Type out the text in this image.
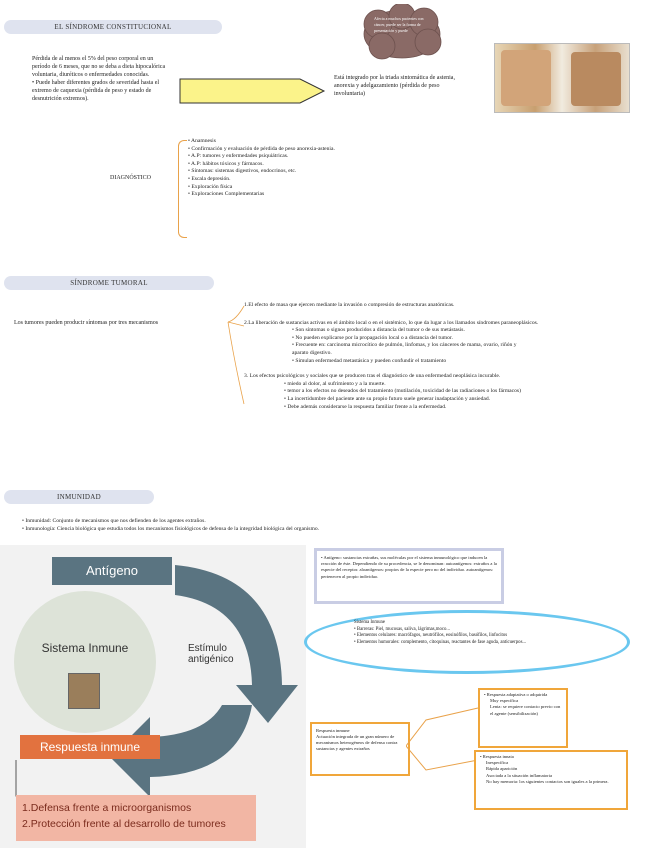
EL SÍNDROME CONSTITUCIONAL
Pérdida de al menos el 5% del peso corporal en un período de 6 meses, que no se deba a dieta hipocalórica voluntaria, diuréticos o enfermedades conocidas.
• Puede haber diferentes grados de severidad hasta el extremo de caquexia (pérdida de peso y estado de desnutrición extremos).
Está integrado por la triada sintomática de astenia, anorexia y adelgazamiento (pérdida de peso involuntaria)
Afecta a muchos pacientes con cáncer, puede ser la forma de presentación y puede
DIAGNÓSTICO
• Anamnesis
• Confirmación y evaluación de pérdida de peso anorexia-astenia.
• A.P: tumores y enfermedades psiquiátricas.
• A.P: hábitos tóxicos y fármacos.
• Síntomas: sistemas digestivos, endocrinos, etc.
• Escala depresión.
• Exploración física
• Exploraciones Complementarias
SÍNDROME TUMORAL
Los tumores pueden producir síntomas por tres mecanismos
1.El efecto de masa que ejercen mediante la invasión o compresión de estructuras anatómicas.
2.La liberación de sustancias activas en el ámbito local o en el sistémico, lo que da lugar a los llamados síndromes paraneoplásicos.
• Son síntomas o signos producidos a distancia del tumor o de sus metástasis.
• No pueden explicarse por la propagación local o a distancia del tumor.
• Frecuente en: carcinoma microcítico de pulmón, linfomas, y los cánceres de mama, ovario, riñón y aparato digestivo.
• Simulan enfermedad metastásica y pueden confundir el tratamiento
3. Los efectos psicológicos y sociales que se producen tras el diagnóstico de una enfermedad neoplásica incurable.
• miedo al dolor, al sufrimiento y a la muerte.
• temor a los efectos no deseados del tratamiento (mutilación, toxicidad de las radiaciones o los fármacos)
• La incertidumbre del paciente ante su propio futuro suele generar inadaptación y ansiedad.
• Debe además considerarse la respuesta familiar frente a la enfermedad.
INMUNIDAD
• Inmunidad: Conjunto de mecanismos que nos defienden de los agentes extraños.
• Inmunología: Ciencia biológica que estudia todos los mecanismos fisiológicos de defensa de la integridad biológica del organismo.
Antígeno
Sistema Inmune	Estímulo antigénico
Respuesta inmune
1.Defensa frente a microorganismos
2.Protección frente al desarrollo de tumores
• Antígeno: sustancias extrañas, sus moléculas por el sistema inmunológico que inducen la reacción de éste. Dependiendo de su procedencia, se le denominan: autoantígenos: extraños a la especie del receptor. aloantígenos: propios de la especie pero no del individuo. autoantígenos: pertenecen al propio individuo.
Sistema Inmune
• Barreras: Piel, mucosas, saliva, lágrimas,moco...
• Elementos celulares: macrófagos, neutrófilos, eosinófilos, basófilos, linfocitos
• Elementos humorales: complemento, citoquinas, reactantes de fase aguda, anticuerpos...
Respuesta inmune
Actuación integrada de un gran número de mecanismos heterogéneos de defensa contra sustancias y agentes extraños
• Respuesta adaptativa o adquirida
Muy específica
Lenta: se requiere contacto previo con el agente (sensibilización)
• Respuesta innata
Inespecífica
Rápida aparición
Asociada a la situación inflamatoria
No hay memoria: los siguientes contactos son iguales a la primera.
